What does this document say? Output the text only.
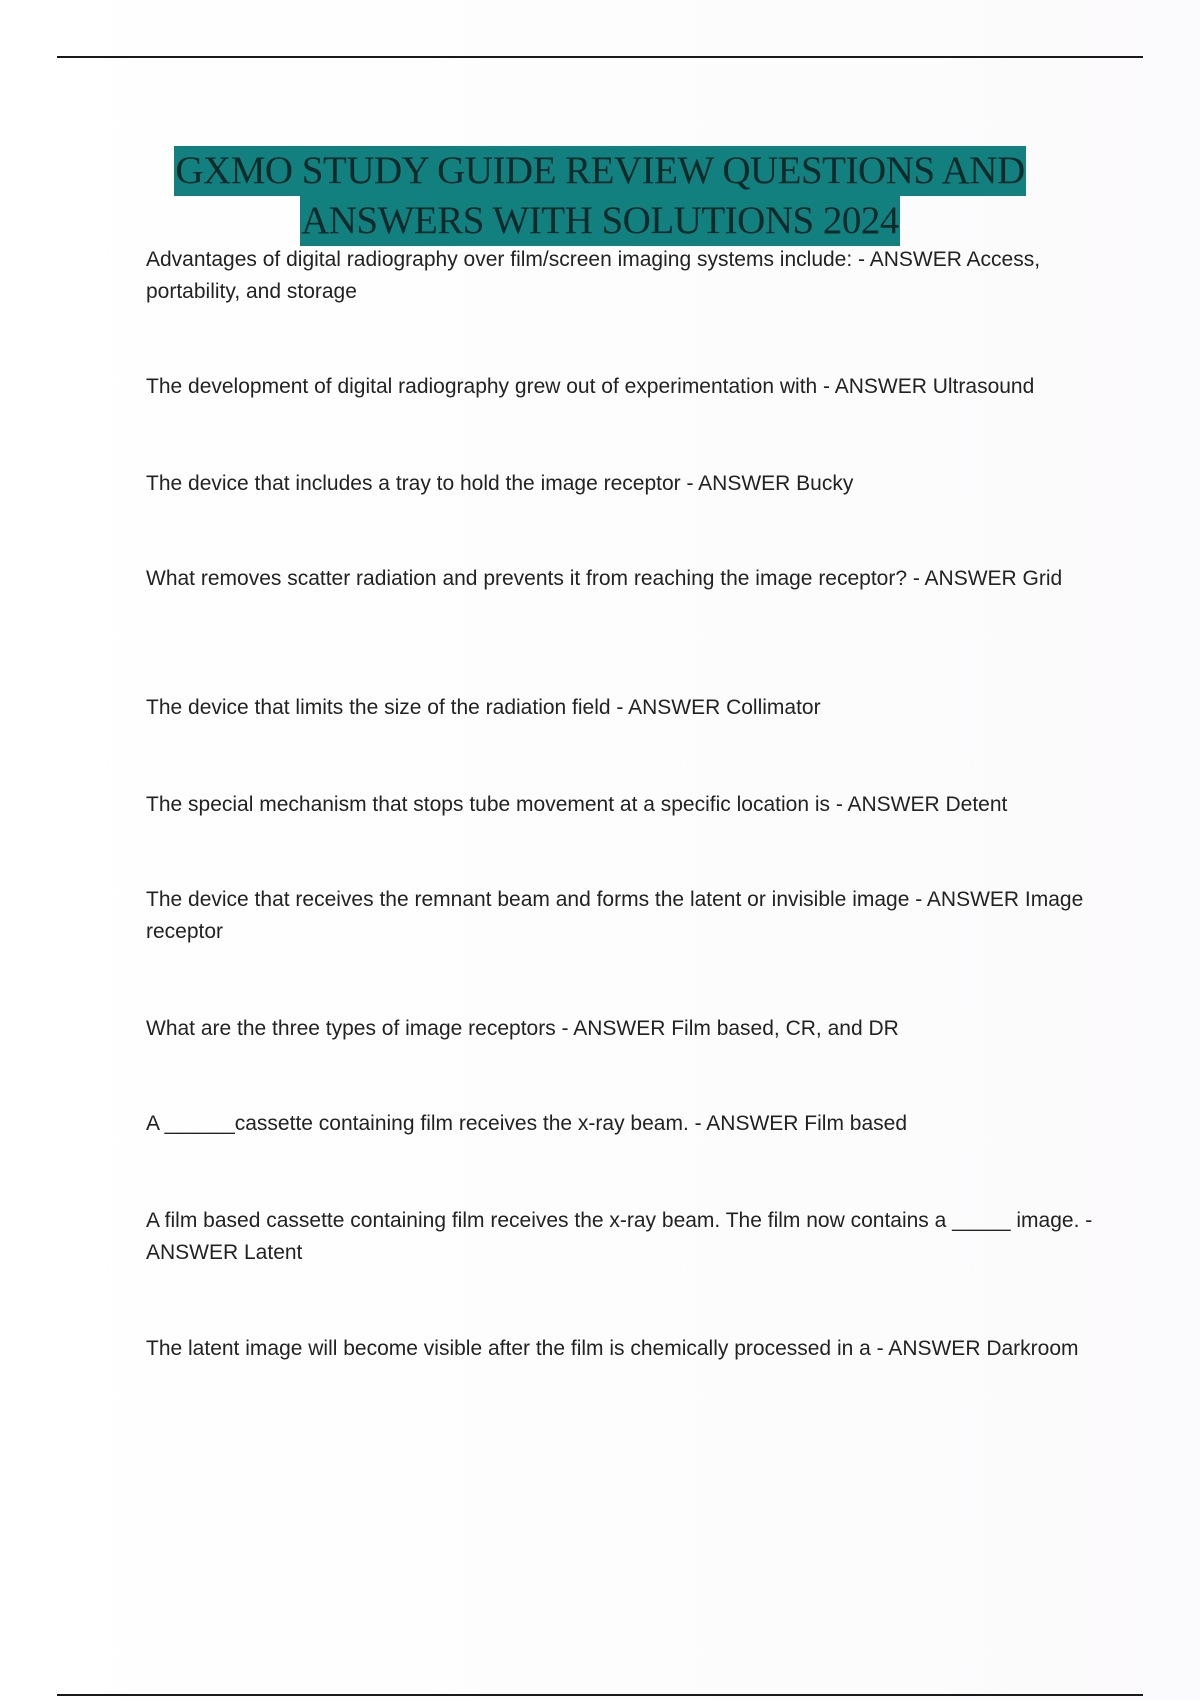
GXMO STUDY GUIDE REVIEW QUESTIONS AND
ANSWERS WITH SOLUTIONS 2024
Advantages of digital radiography over film/screen imaging systems include: - ANSWER Access, portability, and storage
The development of digital radiography grew out of experimentation with - ANSWER Ultrasound
The device that includes a tray to hold the image receptor - ANSWER Bucky
What removes scatter radiation and prevents it from reaching the image receptor? - ANSWER Grid
The device that limits the size of the radiation field - ANSWER Collimator
The special mechanism that stops tube movement at a specific location is - ANSWER Detent
The device that receives the remnant beam and forms the latent or invisible image - ANSWER Image receptor
What are the three types of image receptors - ANSWER Film based, CR, and DR
A ______cassette containing film receives the x-ray beam. - ANSWER Film based
A film based cassette containing film receives the x-ray beam. The film now contains a _____ image. - ANSWER Latent
The latent image will become visible after the film is chemically processed in a - ANSWER Darkroom
